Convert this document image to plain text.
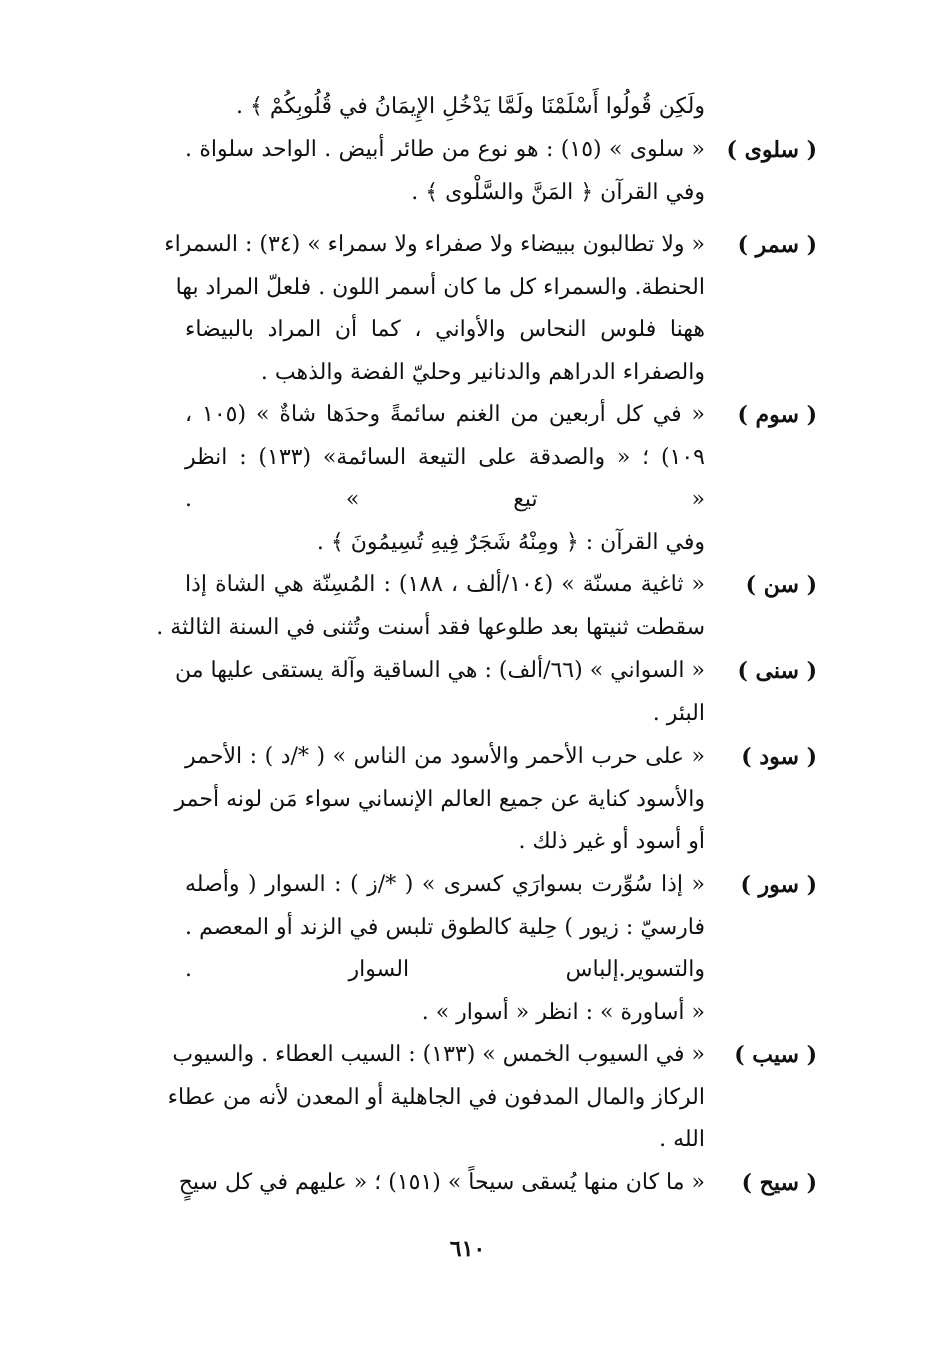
ولَكِن قُولُوا أَسْلَمْنَا ولَمَّا يَدْخُلِ الإِيمَانُ في قُلُوبِكُمْ ﴾ .
( سلوى )
« سلوى » (١٥) : هو نوع من طائر أبيض . الواحد سلواة .
وفي القرآن ﴿ المَنَّ والسَّلْوى ﴾ .
( سمر )
« ولا تطالبون ببيضاء ولا صفراء ولا سمراء » (٣٤) : السمراء
الحنطة. والسمراء كل ما كان أسمر اللون . فلعلّ المراد بها
ههنا فلوس النحاس والأواني ، كما أن المراد بالبيضاء
والصفراء الدراهم والدنانير وحليّ الفضة والذهب .
( سوم )
« في كل أربعين من الغنم سائمةً وحدَها شاةٌ » (١٠٥ ،
١٠٩) ؛ « والصدقة على التيعة السائمة» (١٣٣) : انظر
« تيع » .
وفي القرآن : ﴿ ومِنْهُ شَجَرٌ فِيهِ تُسِيمُونَ ﴾ .
( سن )
« ثاغية مسنّة » (١٠٤/ألف ، ١٨٨) : المُسِنّة هي الشاة إذا
سقطت ثنيتها بعد طلوعها فقد أسنت وتُثنى في السنة الثالثة .
( سنى )
« السواني » (٦٦/ألف) : هي الساقية وآلة يستقى عليها من
البئر .
( سود )
« على حرب الأحمر والأسود من الناس » ( */د ) : الأحمر
والأسود كناية عن جميع العالم الإنساني سواء مَن لونه أحمر
أو أسود أو غير ذلك .
( سور )
« إذا سُوِّرت بسوارَي كسرى » ( */ز ) : السوار ( وأصله
فارسيّ : زيور ) حِلية كالطوق تلبس في الزند أو المعصم .
والتسوير.إلباس السوار .
« أساورة » : انظر « أسوار » .
( سيب )
« في السيوب الخمس » (١٣٣) : السيب العطاء . والسيوب
الركاز والمال المدفون في الجاهلية أو المعدن لأنه من عطاء
الله .
( سيح )
« ما كان منها يُسقى سيحاً » (١٥١) ؛ « عليهم في كل سيحٍ
٦١٠
